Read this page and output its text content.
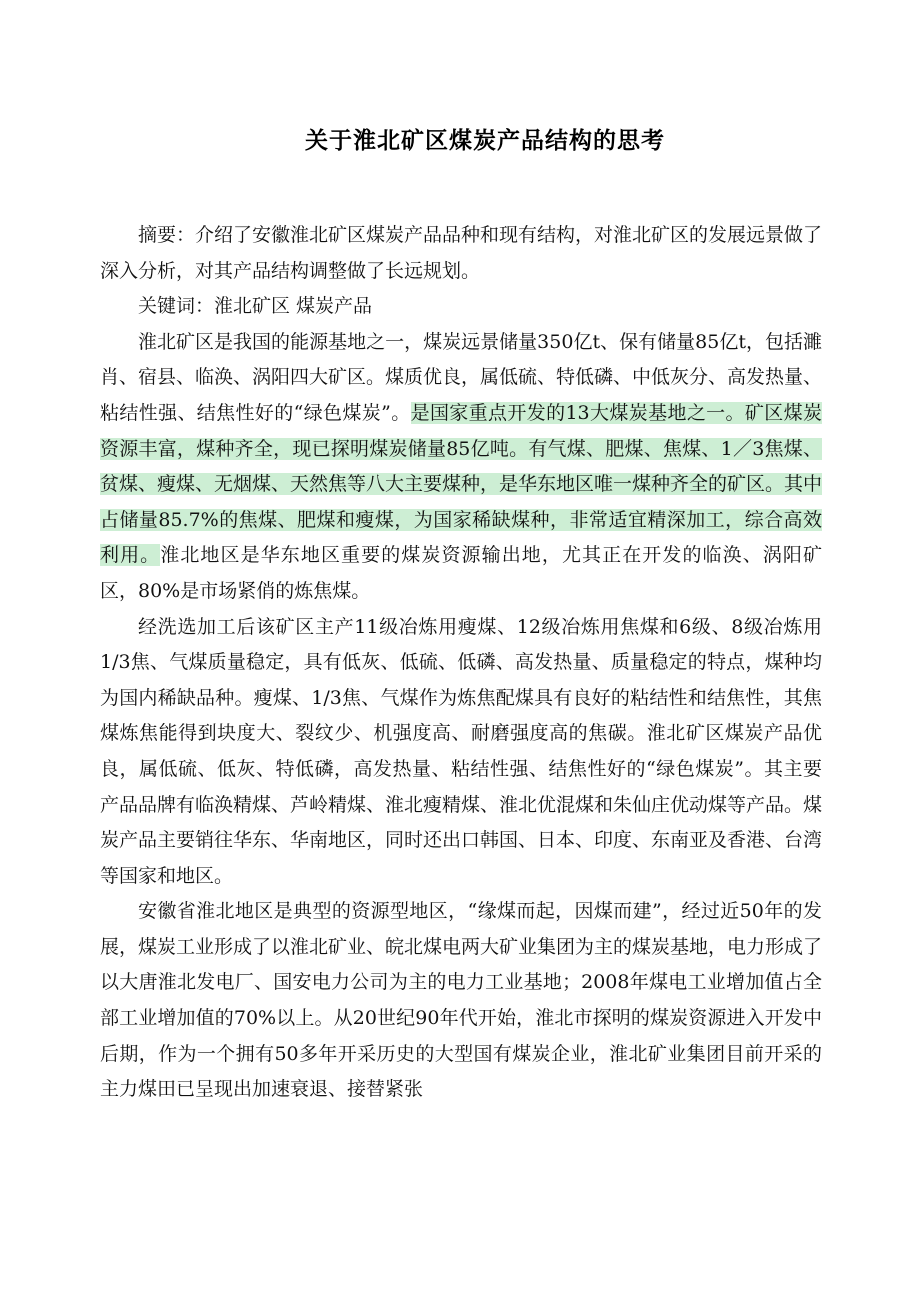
关于淮北矿区煤炭产品结构的思考

摘要：介绍了安徽淮北矿区煤炭产品品种和现有结构，对淮北矿区的发展远景做了深入分析，对其产品结构调整做了长远规划。

关键词：淮北矿区 煤炭产品

淮北矿区是我国的能源基地之一，煤炭远景储量350亿t、保有储量85亿t，包括濉肖、宿县、临涣、涡阳四大矿区。煤质优良，属低硫、特低磷、中低灰分、高发热量、粘结性强、结焦性好的“绿色煤炭”。是国家重点开发的13大煤炭基地之一。矿区煤炭资源丰富，煤种齐全，现已探明煤炭储量85亿吨。有气煤、肥煤、焦煤、1／3焦煤、贫煤、瘦煤、无烟煤、天然焦等八大主要煤种，是华东地区唯一煤种齐全的矿区。其中占储量85.7%的焦煤、肥煤和瘦煤，为国家稀缺煤种，非常适宜精深加工，综合高效利用。淮北地区是华东地区重要的煤炭资源输出地，尤其正在开发的临涣、涡阳矿区，80%是市场紧俏的炼焦煤。

经洗选加工后该矿区主产11级冶炼用瘦煤、12级冶炼用焦煤和6级、8级冶炼用1/3焦、气煤质量稳定，具有低灰、低硫、低磷、高发热量、质量稳定的特点，煤种均为国内稀缺品种。瘦煤、1/3焦、气煤作为炼焦配煤具有良好的粘结性和结焦性，其焦煤炼焦能得到块度大、裂纹少、机强度高、耐磨强度高的焦碳。淮北矿区煤炭产品优良，属低硫、低灰、特低磷，高发热量、粘结性强、结焦性好的“绿色煤炭”。其主要产品品牌有临涣精煤、芦岭精煤、淮北瘦精煤、淮北优混煤和朱仙庄优动煤等产品。煤炭产品主要销往华东、华南地区，同时还出口韩国、日本、印度、东南亚及香港、台湾等国家和地区。

安徽省淮北地区是典型的资源型地区，“缘煤而起，因煤而建”，经过近50年的发展，煤炭工业形成了以淮北矿业、皖北煤电两大矿业集团为主的煤炭基地，电力形成了以大唐淮北发电厂、国安电力公司为主的电力工业基地；2008年煤电工业增加值占全部工业增加值的70%以上。从20世纪90年代开始，淮北市探明的煤炭资源进入开发中后期，作为一个拥有50多年开采历史的大型国有煤炭企业，淮北矿业集团目前开采的主力煤田已呈现出加速衰退、接替紧张
